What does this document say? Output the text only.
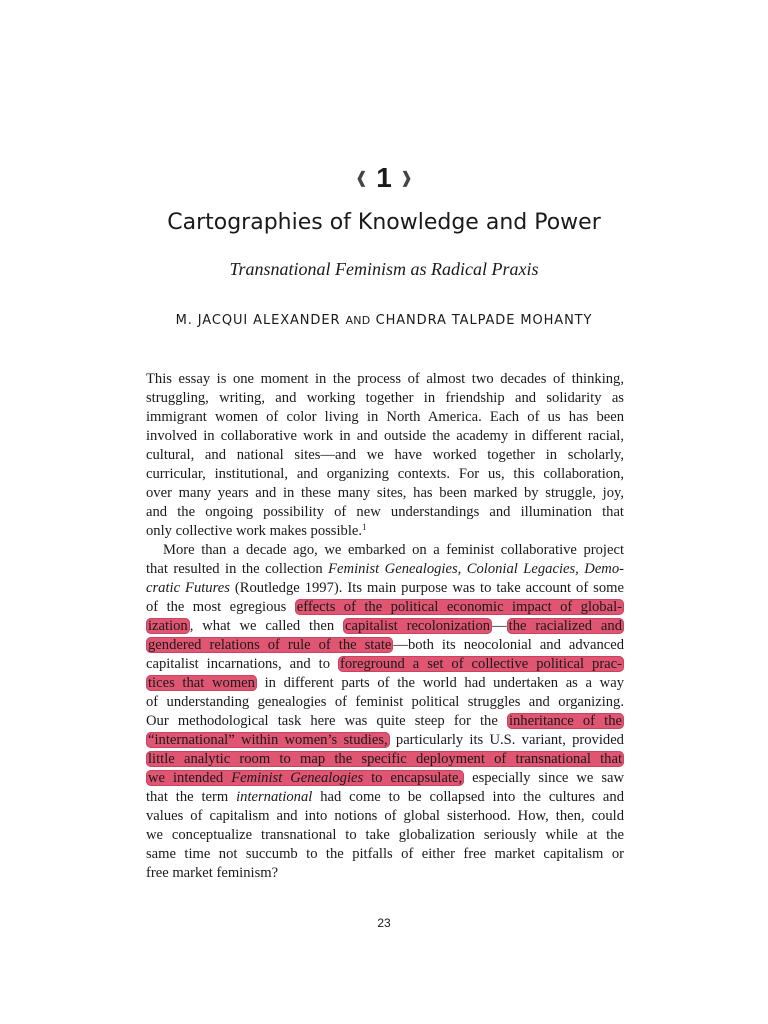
❰ 1 ❱
Cartographies of Knowledge and Power
Transnational Feminism as Radical Praxis
M. JACQUI ALEXANDER AND CHANDRA TALPADE MOHANTY
This essay is one moment in the process of almost two decades of thinking,
struggling, writing, and working together in friendship and solidarity as
immigrant women of color living in North America. Each of us has been
involved in collaborative work in and outside the academy in different racial,
cultural, and national sites—and we have worked together in scholarly,
curricular, institutional, and organizing contexts. For us, this collaboration,
over many years and in these many sites, has been marked by struggle, joy,
and the ongoing possibility of new understandings and illumination that
only collective work makes possible.$^1$
More than a decade ago, we embarked on a feminist collaborative project
that resulted in the collection Feminist Genealogies, Colonial Legacies, Demo-
cratic Futures (Routledge 1997). Its main purpose was to take account of some
of the most egregious effects of the political economic impact of global-
ization , what we called then capitalist recolonization — the racialized and
gendered relations of rule of the state —both its neocolonial and advanced
capitalist incarnations, and to foreground a set of collective political prac-
tices that women in different parts of the world had undertaken as a way
of understanding genealogies of feminist political struggles and organizing.
Our methodological task here was quite steep for the inheritance of the
“international” within women’s studies, particularly its U.S. variant, provided
little analytic room to map the specific deployment of transnational that
we intended Feminist Genealogies to encapsulate, especially since we saw
that the term international had come to be collapsed into the cultures and
values of capitalism and into notions of global sisterhood. How, then, could
we conceptualize transnational to take globalization seriously while at the
same time not succumb to the pitfalls of either free market capitalism or
free market feminism?
23
